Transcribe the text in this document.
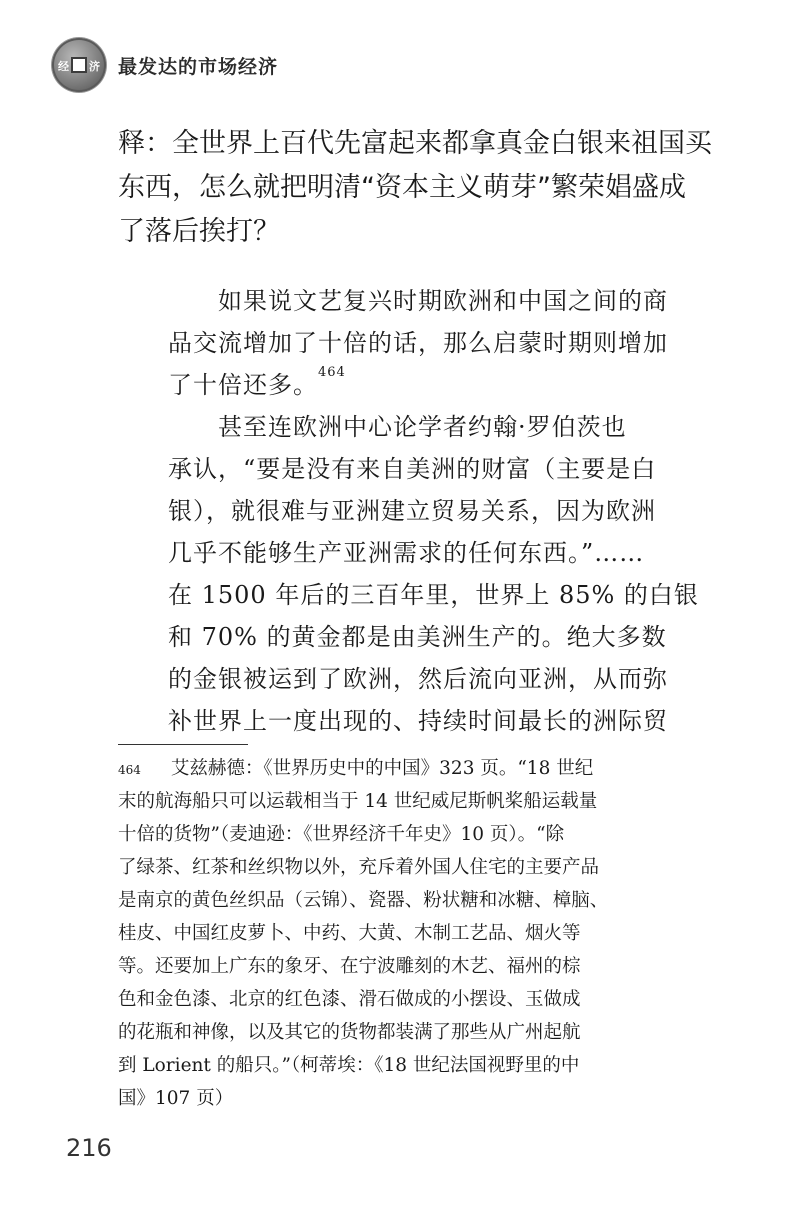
经 济 最发达的市场经济
释：全世界上百代先富起来都拿真金白银来祖国买
东西，怎么就把明清“资本主义萌芽”繁荣娼盛成
了落后挨打？
　　如果说文艺复兴时期欧洲和中国之间的商
品交流增加了十倍的话，那么启蒙时期则增加
了十倍还多。$^{464}$
　　甚至连欧洲中心论学者约翰·罗伯茨也
承认，“要是没有来自美洲的财富（主要是白
银），就很难与亚洲建立贸易关系，因为欧洲
几乎不能够生产亚洲需求的任何东西。”……
在 1500 年后的三百年里，世界上 85% 的白银
和 70% 的黄金都是由美洲生产的。绝大多数
的金银被运到了欧洲，然后流向亚洲，从而弥
补世界上一度出现的、持续时间最长的洲际贸
$^{464}$ 艾兹赫德：《世界历史中的中国》323 页。“18 世纪
末的航海船只可以运载相当于 14 世纪威尼斯帆桨船运载量
十倍的货物”（麦迪逊：《世界经济千年史》10 页）。“除
了绿茶、红茶和丝织物以外，充斥着外国人住宅的主要产品
是南京的黄色丝织品（云锦）、瓷器、粉状糖和冰糖、樟脑、
桂皮、中国红皮萝卜、中药、大黄、木制工艺品、烟火等
等。还要加上广东的象牙、在宁波雕刻的木艺、福州的棕
色和金色漆、北京的红色漆、滑石做成的小摆设、玉做成
的花瓶和神像，以及其它的货物都装满了那些从广州起航
到 Lorient 的船只。”（柯蒂埃：《18 世纪法国视野里的中
国》107 页）
216
